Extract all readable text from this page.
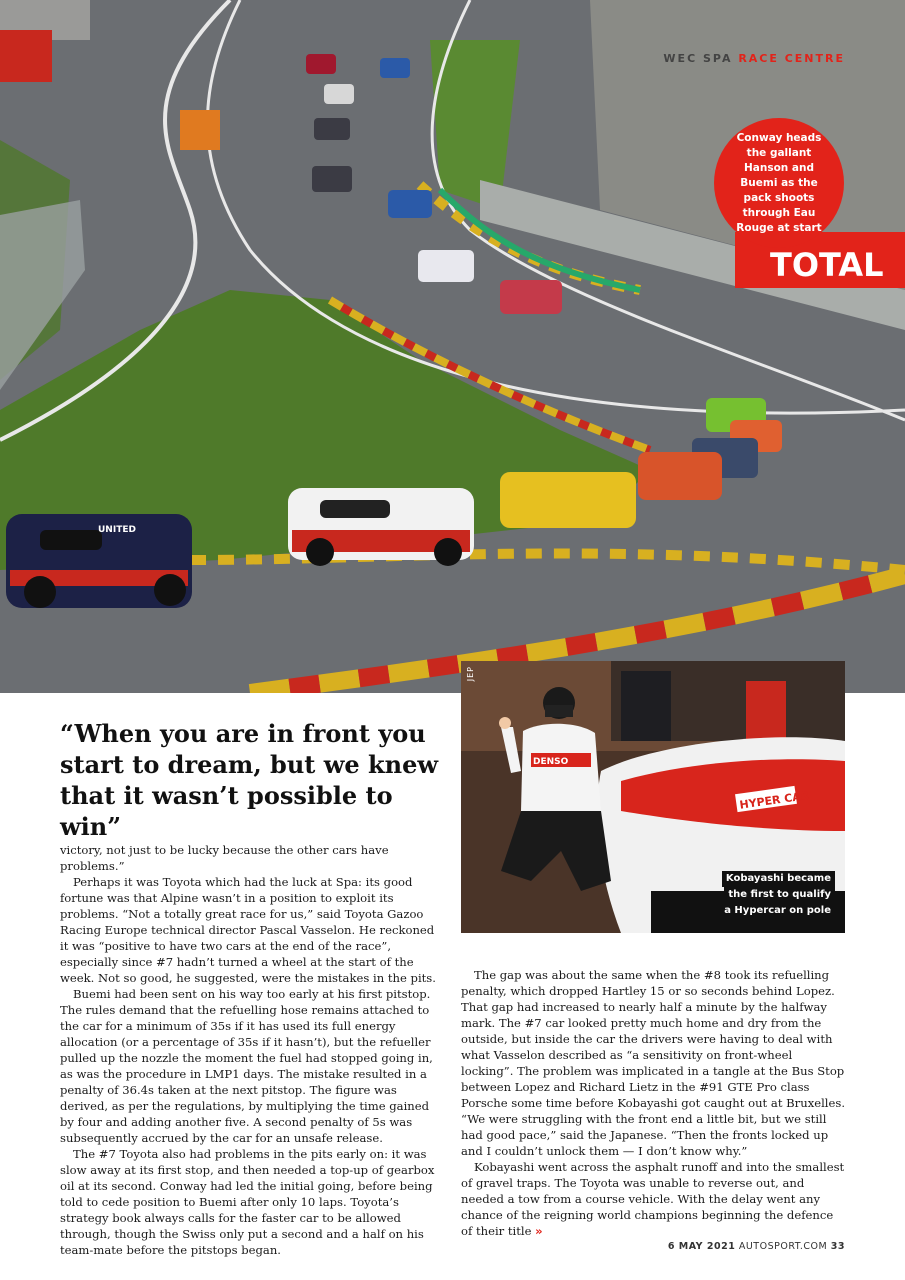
TOTAL
UNITED
WEC SPA RACE CENTRE
Conway heads the gallant Hanson and Buemi as the pack shoots through Eau Rouge at start
“When you are in front you start to dream, but we knew that it wasn’t possible to win”
HYPER CAR
DENSO
Kobayashi became
the first to qualify
a Hypercar on pole
JEP

victory, not just to be lucky because the other cars have problems.”

Perhaps it was Toyota which had the luck at Spa: its good fortune was that Alpine wasn’t in a position to exploit its problems. “Not a totally great race for us,” said Toyota Gazoo Racing Europe technical director Pascal Vasselon. He reckoned it was “positive to have two cars at the end of the race”, especially since #7 hadn’t turned a wheel at the start of the week. Not so good, he suggested, were the mistakes in the pits.

Buemi had been sent on his way too early at his first pitstop. The rules demand that the refuelling hose remains attached to the car for a minimum of 35s if it has used its full energy allocation (or a percentage of 35s if it hasn’t), but the refueller pulled up the nozzle the moment the fuel had stopped going in, as was the procedure in LMP1 days. The mistake resulted in a penalty of 36.4s taken at the next pitstop. The figure was derived, as per the regulations, by multiplying the time gained by four and adding another five. A second penalty of 5s was subsequently accrued by the car for an unsafe release.

The #7 Toyota also had problems in the pits early on: it was slow away at its first stop, and then needed a top-up of gearbox oil at its second. Conway had led the initial going, before being told to cede position to Buemi after only 10 laps. Toyota’s strategy book always calls for the faster car to be allowed through, though the Swiss only put a second and a half on his team-mate before the pitstops began.

The gap was about the same when the #8 took its refuelling penalty, which dropped Hartley 15 or so seconds behind Lopez. That gap had increased to nearly half a minute by the halfway mark. The #7 car looked pretty much home and dry from the outside, but inside the car the drivers were having to deal with what Vasselon described as “a sensitivity on front-wheel locking”. The problem was implicated in a tangle at the Bus Stop between Lopez and Richard Lietz in the #91 GTE Pro class Porsche some time before Kobayashi got caught out at Bruxelles. “We were struggling with the front end a little bit, but we still had good pace,” said the Japanese. “Then the fronts locked up and I couldn’t unlock them — I don’t know why.”

Kobayashi went across the asphalt runoff and into the smallest of gravel traps. The Toyota was unable to reverse out, and needed a tow from a course vehicle. With the delay went any chance of the reigning world champions beginning the defence of their title »

6 MAY 2021 AUTOSPORT.COM 33
